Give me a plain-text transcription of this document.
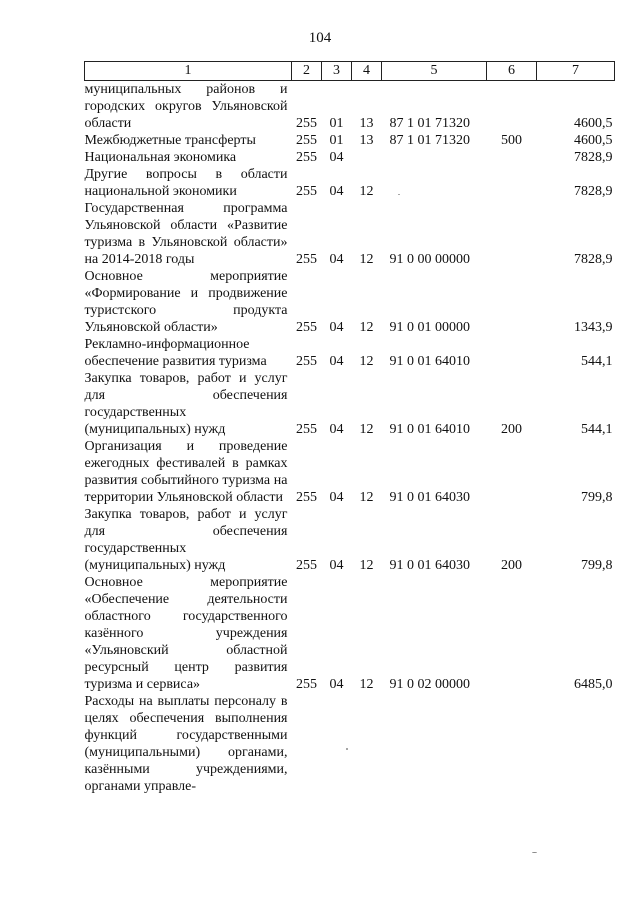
104
1	2	3	4	5	6	7
муниципальных районов и городских округов Ульяновской области	255	01	13	87 1 01 71320		4600,5
Межбюджетные трансферты	255	01	13	87 1 01 71320	500	4600,5
Национальная экономика	255	04				7828,9
Другие вопросы в области национальной экономики	255	04	12			7828,9
Государственная программа Ульяновской области «Развитие туризма в Ульяновской области» на 2014-2018 годы	255	04	12	91 0 00 00000		7828,9
Основное мероприятие «Формирование и продвижение туристского продукта Ульяновской области»	255	04	12	91 0 01 00000		1343,9
Рекламно-информационное обеспечение развития туризма	255	04	12	91 0 01 64010		544,1
Закупка товаров, работ и услуг для обеспечения государственных (муниципальных) нужд	255	04	12	91 0 01 64010	200	544,1
Организация и проведение ежегодных фестивалей в рамках развития событийного туризма на территории Ульяновской области	255	04	12	91 0 01 64030		799,8
Закупка товаров, работ и услуг для обеспечения государственных (муниципальных) нужд	255	04	12	91 0 01 64030	200	799,8
Основное мероприятие «Обеспечение деятельности областного государственного казённого учреждения «Ульяновский областной ресурсный центр развития туризма и сервиса»	255	04	12	91 0 02 00000		6485,0
Расходы на выплаты персоналу в целях обеспечения выполнения функций государственными (муниципальными) органами, казёнными учреждениями, органами управле-						
